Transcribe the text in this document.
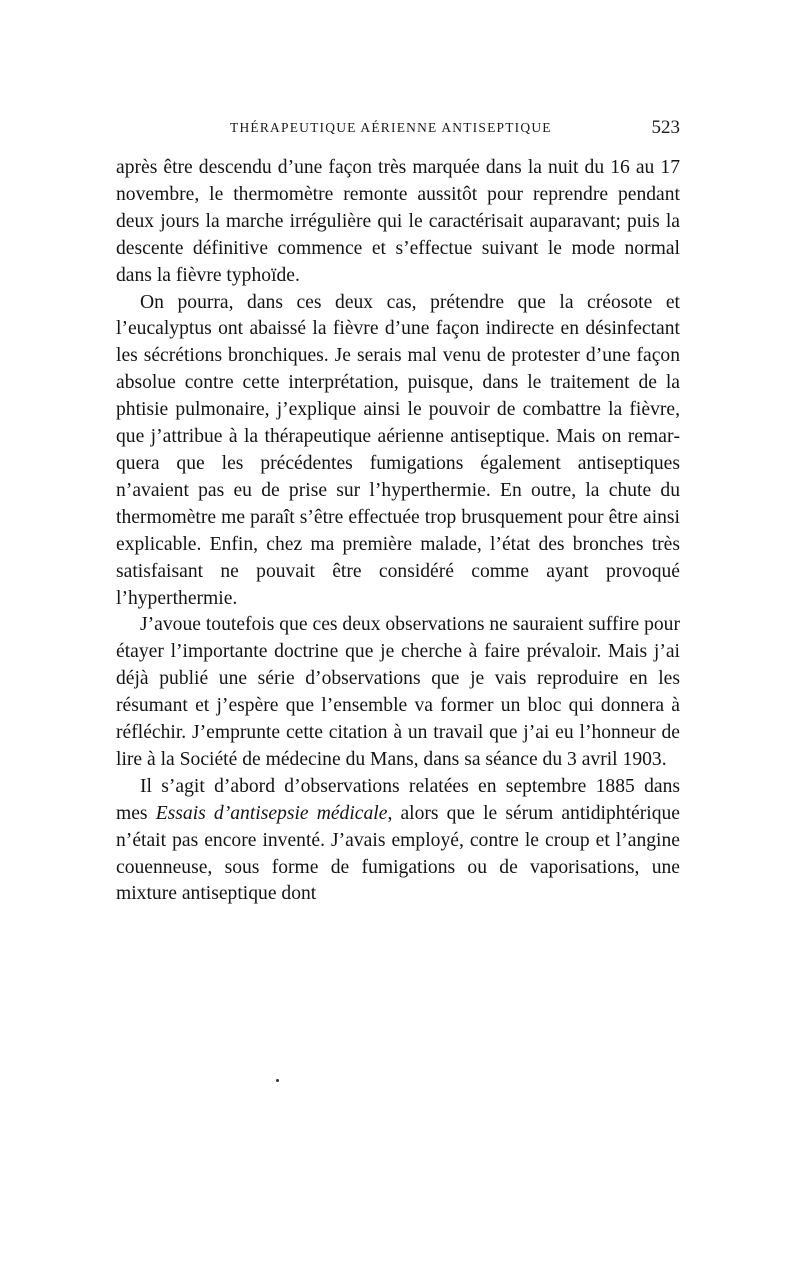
THÉRAPEUTIQUE AÉRIENNE ANTISEPTIQUE	523

après être descendu d’une façon très marquée dans la nuit du 16 au 17 novembre, le thermomètre remonte aussitôt pour reprendre pendant deux jours la marche irrégulière qui le caractérisait auparavant; puis la descente définitive commence et s’effectue suivant le mode normal dans la fièvre typhoïde.

On pourra, dans ces deux cas, prétendre que la créosote et l’eucalyptus ont abaissé la fièvre d’une façon indirecte en désinfectant les sécrétions bronchiques. Je serais mal venu de protester d’une façon absolue contre cette interprétation, puisque, dans le traitement de la phtisie pulmonaire, j’explique ainsi le pouvoir de combattre la fièvre, que j’attribue à la thérapeutique aérienne antiseptique. Mais on remarquera que les précédentes fumigations également antiseptiques n’avaient pas eu de prise sur l’hyperthermie. En outre, la chute du thermomètre me paraît s’être effectuée trop brusquement pour être ainsi explicable. Enfin, chez ma première malade, l’état des bronches très satisfaisant ne pouvait être considéré comme ayant provoqué l’hyperthermie.

J’avoue toutefois que ces deux observations ne sauraient suffire pour étayer l’importante doctrine que je cherche à faire prévaloir. Mais j’ai déjà publié une série d’observations que je vais reproduire en les résumant et j’espère que l’ensemble va former un bloc qui donnera à réfléchir. J’emprunte cette citation à un travail que j’ai eu l’honneur de lire à la Société de médecine du Mans, dans sa séance du 3 avril 1903.

Il s’agit d’abord d’observations relatées en septembre 1885 dans mes Essais d’antisepsie médicale, alors que le sérum antidiphtérique n’était pas encore inventé. J’avais employé, contre le croup et l’angine couenneuse, sous forme de fumigations ou de vaporisations, une mixture antiseptique dont
